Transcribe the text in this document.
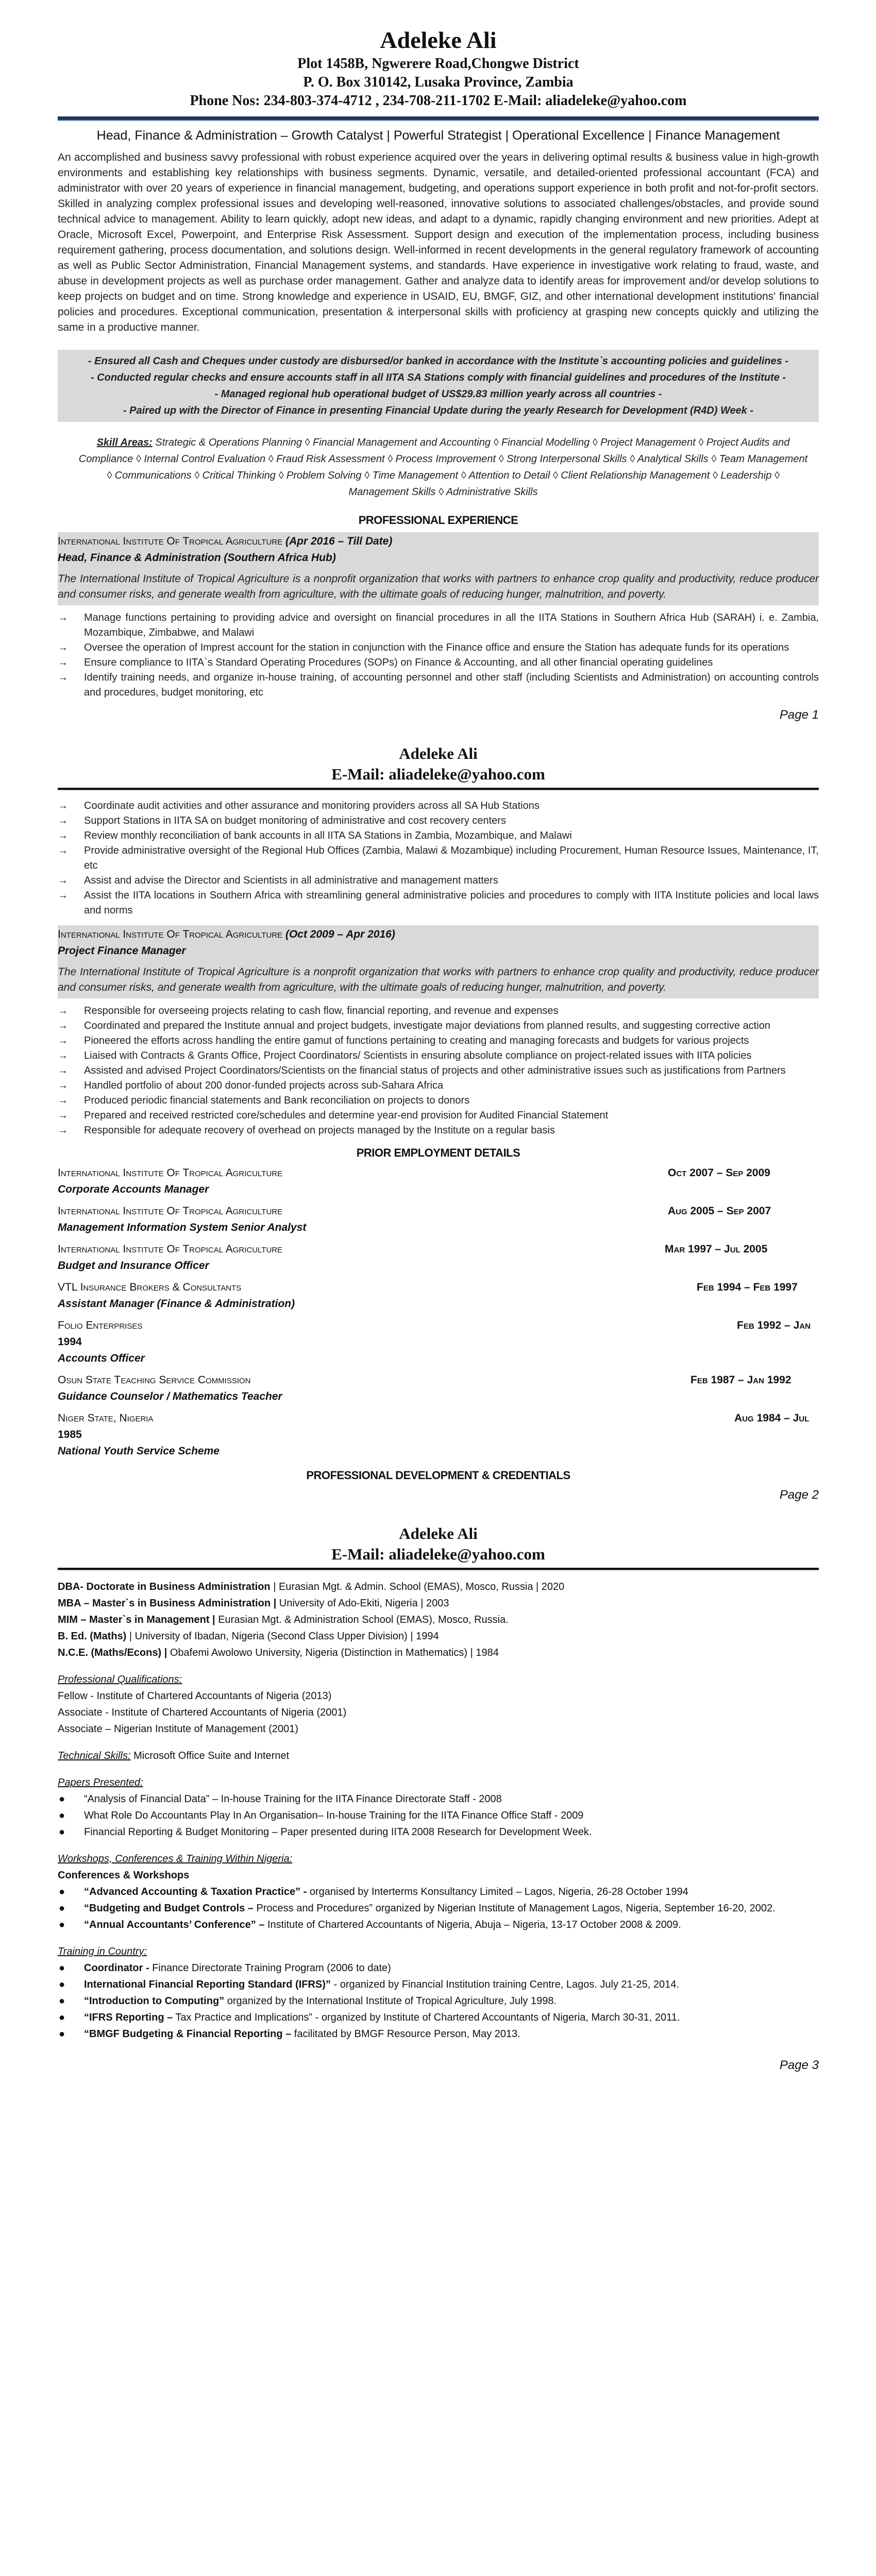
Adeleke Ali
Plot 1458B, Ngwerere Road,Chongwe District
P. O. Box 310142, Lusaka Province, Zambia
Phone Nos: 234-803-374-4712 , 234-708-211-1702 E-Mail: aliadeleke@yahoo.com
Head, Finance & Administration – Growth Catalyst | Powerful Strategist | Operational Excellence | Finance Management
An accomplished and business savvy professional with robust experience acquired over the years in delivering optimal results & business value in high-growth environments and establishing key relationships with business segments. Dynamic, versatile, and detailed-oriented professional accountant (FCA) and administrator with over 20 years of experience in financial management, budgeting, and operations support experience in both profit and not-for-profit sectors. Skilled in analyzing complex professional issues and developing well-reasoned, innovative solutions to associated challenges/obstacles, and provide sound technical advice to management. Ability to learn quickly, adopt new ideas, and adapt to a dynamic, rapidly changing environment and new priorities. Adept at Oracle, Microsoft Excel, Powerpoint, and Enterprise Risk Assessment. Support design and execution of the implementation process, including business requirement gathering, process documentation, and solutions design. Well-informed in recent developments in the general regulatory framework of accounting as well as Public Sector Administration, Financial Management systems, and standards. Have experience in investigative work relating to fraud, waste, and abuse in development projects as well as purchase order management. Gather and analyze data to identify areas for improvement and/or develop solutions to keep projects on budget and on time. Strong knowledge and experience in USAID, EU, BMGF, GIZ, and other international development institutions' financial policies and procedures. Exceptional communication, presentation & interpersonal skills with proficiency at grasping new concepts quickly and utilizing the same in a productive manner.
- Ensured all Cash and Cheques under custody are disbursed/or banked in accordance with the Institute`s accounting policies and guidelines -
- Conducted regular checks and ensure accounts staff in all IITA SA Stations comply with financial guidelines and procedures of the Institute -
- Managed regional hub operational budget of US$29.83 million yearly across all countries -
- Paired up with the Director of Finance in presenting Financial Update during the yearly Research for Development (R4D) Week -
Skill Areas: Strategic & Operations Planning ◊ Financial Management and Accounting ◊ Financial Modelling ◊ Project Management ◊ Project Audits and Compliance ◊ Internal Control Evaluation ◊ Fraud Risk Assessment ◊ Process Improvement ◊ Strong Interpersonal Skills ◊ Analytical Skills ◊ Team Management ◊ Communications ◊ Critical Thinking ◊ Problem Solving ◊ Time Management ◊ Attention to Detail ◊ Client Relationship Management ◊ Leadership ◊ Management Skills ◊ Administrative Skills
PROFESSIONAL EXPERIENCE
International Institute Of Tropical Agriculture (Apr 2016 – Till Date)
Head, Finance & Administration (Southern Africa Hub)
The International Institute of Tropical Agriculture is a nonprofit organization that works with partners to enhance crop quality and productivity, reduce producer and consumer risks, and generate wealth from agriculture, with the ultimate goals of reducing hunger, malnutrition, and poverty.
→ Manage functions pertaining to providing advice and oversight on financial procedures in all the IITA Stations in Southern Africa Hub (SARAH) i. e. Zambia, Mozambique, Zimbabwe, and Malawi
→ Oversee the operation of Imprest account for the station in conjunction with the Finance office and ensure the Station has adequate funds for its operations
→ Ensure compliance to IITA`s Standard Operating Procedures (SOPs) on Finance & Accounting, and all other financial operating guidelines
→ Identify training needs, and organize in-house training, of accounting personnel and other staff (including Scientists and Administration) on accounting controls and procedures, budget monitoring, etc
Page 1
Adeleke Ali
E-Mail: aliadeleke@yahoo.com
→ Coordinate audit activities and other assurance and monitoring providers across all SA Hub Stations
→ Support Stations in IITA SA on budget monitoring of administrative and cost recovery centers
→ Review monthly reconciliation of bank accounts in all IITA SA Stations in Zambia, Mozambique, and Malawi
→ Provide administrative oversight of the Regional Hub Offices (Zambia, Malawi & Mozambique) including Procurement, Human Resource Issues, Maintenance, IT, etc
→ Assist and advise the Director and Scientists in all administrative and management matters
→ Assist the IITA locations in Southern Africa with streamlining general administrative policies and procedures to comply with IITA Institute policies and local laws and norms
International Institute Of Tropical Agriculture (Oct 2009 – Apr 2016)
Project Finance Manager
The International Institute of Tropical Agriculture is a nonprofit organization that works with partners to enhance crop quality and productivity, reduce producer and consumer risks, and generate wealth from agriculture, with the ultimate goals of reducing hunger, malnutrition, and poverty.
→ Responsible for overseeing projects relating to cash flow, financial reporting, and revenue and expenses
→ Coordinated and prepared the Institute annual and project budgets, investigate major deviations from planned results, and suggesting corrective action
→ Pioneered the efforts across handling the entire gamut of functions pertaining to creating and managing forecasts and budgets for various projects
→ Liaised with Contracts & Grants Office, Project Coordinators/ Scientists in ensuring absolute compliance on project-related issues with IITA policies
→ Assisted and advised Project Coordinators/Scientists on the financial status of projects and other administrative issues such as justifications from Partners
→ Handled portfolio of about 200 donor-funded projects across sub-Sahara Africa
→ Produced periodic financial statements and Bank reconciliation on projects to donors
→ Prepared and received restricted core/schedules and determine year-end provision for Audited Financial Statement
→ Responsible for adequate recovery of overhead on projects managed by the Institute on a regular basis
PRIOR EMPLOYMENT DETAILS
International Institute Of Tropical Agriculture	Oct 2007 – Sep 2009
Corporate Accounts Manager
International Institute Of Tropical Agriculture	Aug 2005 – Sep 2007
Management Information System Senior Analyst
International Institute Of Tropical Agriculture	Mar 1997 – Jul 2005
Budget and Insurance Officer
VTL Insurance Brokers & Consultants	Feb 1994 – Feb 1997
Assistant Manager (Finance & Administration)
Folio Enterprises	Feb 1992 – Jan
1994
Accounts Officer
Osun State Teaching Service Commission	Feb 1987 – Jan 1992
Guidance Counselor / Mathematics Teacher
Niger State, Nigeria	Aug 1984 – Jul
1985
National Youth Service Scheme
PROFESSIONAL DEVELOPMENT & CREDENTIALS
Page 2
Adeleke Ali
E-Mail: aliadeleke@yahoo.com
DBA- Doctorate in Business Administration | Eurasian Mgt. & Admin. School (EMAS), Mosco, Russia | 2020
MBA – Master`s in Business Administration | University of Ado-Ekiti, Nigeria | 2003
MIM – Master`s in Management | Eurasian Mgt. & Administration School (EMAS), Mosco, Russia.
B. Ed. (Maths) | University of Ibadan, Nigeria (Second Class Upper Division) | 1994
N.C.E. (Maths/Econs) | Obafemi Awolowo University, Nigeria (Distinction in Mathematics) | 1984
Professional Qualifications:
Fellow - Institute of Chartered Accountants of Nigeria (2013)
Associate - Institute of Chartered Accountants of Nigeria (2001)
Associate – Nigerian Institute of Management (2001)
Technical Skills: Microsoft Office Suite and Internet
Papers Presented:
● “Analysis of Financial Data” – In-house Training for the IITA Finance Directorate Staff - 2008
● What Role Do Accountants Play In An Organisation– In-house Training for the IITA Finance Office Staff - 2009
● Financial Reporting & Budget Monitoring – Paper presented during IITA 2008 Research for Development Week.
Workshops, Conferences & Training Within Nigeria:
Conferences & Workshops
● “Advanced Accounting & Taxation Practice” - organised by Interterms Konsultancy Limited – Lagos, Nigeria, 26-28 October 1994
● “Budgeting and Budget Controls – Process and Procedures” organized by Nigerian Institute of Management Lagos, Nigeria, September 16-20, 2002.
● “Annual Accountants’ Conference” – Institute of Chartered Accountants of Nigeria, Abuja – Nigeria, 13-17 October 2008 & 2009.
Training in Country:
● Coordinator - Finance Directorate Training Program (2006 to date)
● International Financial Reporting Standard (IFRS)” - organized by Financial Institution training Centre, Lagos. July 21-25, 2014.
● “Introduction to Computing” organized by the International Institute of Tropical Agriculture, July 1998.
● “IFRS Reporting – Tax Practice and Implications” - organized by Institute of Chartered Accountants of Nigeria, March 30-31, 2011.
● “BMGF Budgeting & Financial Reporting – facilitated by BMGF Resource Person, May 2013.
Page 3
